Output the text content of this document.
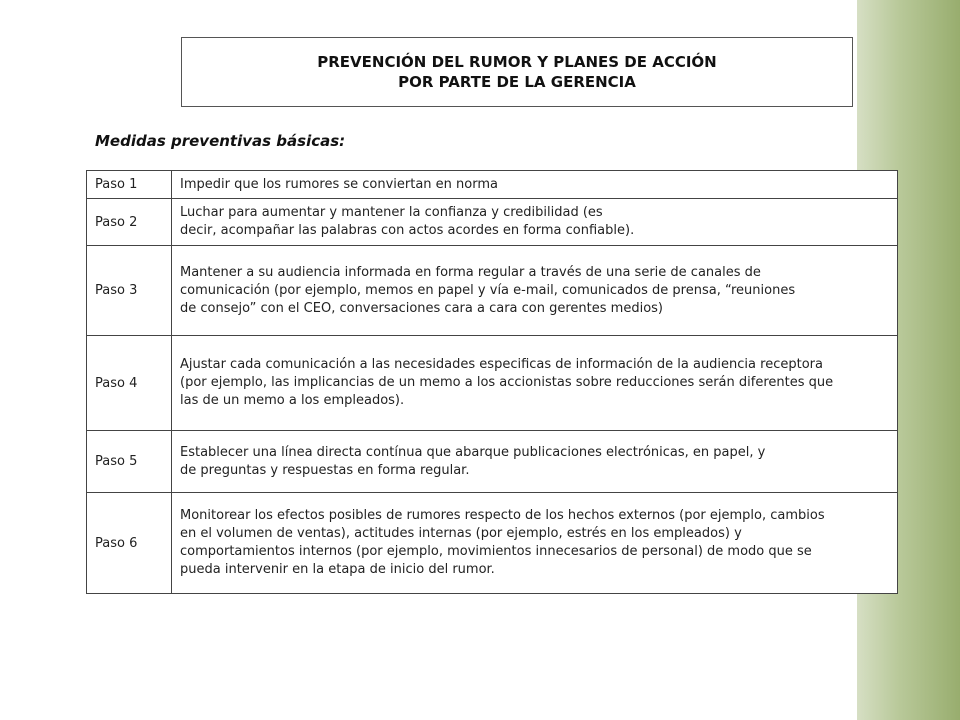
PREVENCIÓN DEL RUMOR Y PLANES DE ACCIÓN
POR PARTE DE LA GERENCIA
Medidas preventivas básicas:
Paso 1	Impedir que los rumores se conviertan en norma
Paso 2
Luchar para aumentar y mantener la confianza y credibilidad (es
decir, acompañar las palabras con actos acordes en forma confiable).
Paso 3
Mantener a su audiencia informada en forma regular a través de una serie de canales de
comunicación (por ejemplo, memos en papel y vía e-mail, comunicados de prensa, “reuniones
de consejo” con el CEO, conversaciones cara a cara con gerentes medios)
Paso 4
Ajustar cada comunicación a las necesidades especificas de información de la audiencia receptora
(por ejemplo, las implicancias de un memo a los accionistas sobre reducciones serán diferentes que
las de un memo a los empleados).
Paso 5
Establecer una línea directa contínua que abarque publicaciones electrónicas, en papel, y
de preguntas y respuestas en forma regular.
Paso 6
Monitorear los efectos posibles de rumores respecto de los hechos externos (por ejemplo, cambios
en el volumen de ventas), actitudes internas (por ejemplo, estrés en los empleados) y
comportamientos internos (por ejemplo, movimientos innecesarios de personal) de modo que se
pueda intervenir en la etapa de inicio del rumor.
